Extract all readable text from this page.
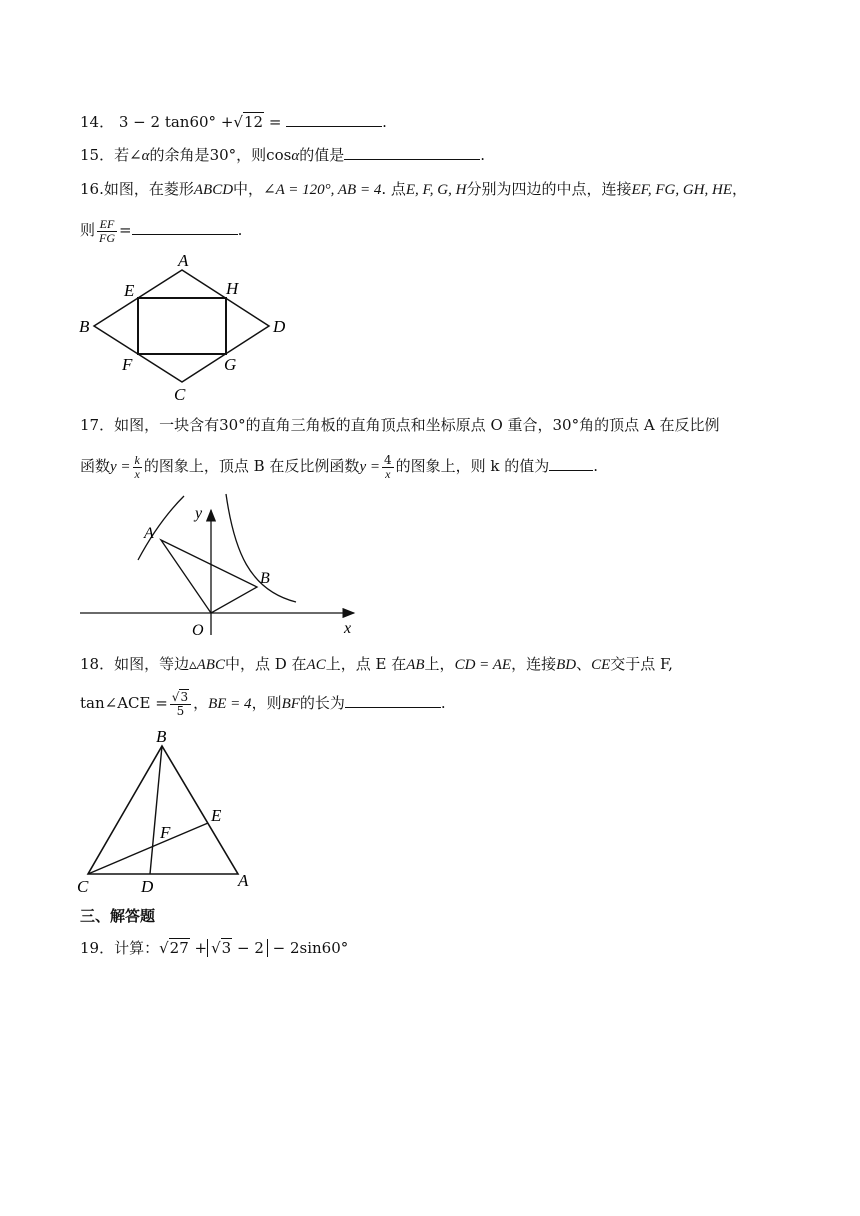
14． 3 − 2 tan60° +√12 =	.
15．若∠α的余角是30°，则cosα的值是	.
16.如图，在菱形ABCD中，∠A = 120°, AB = 4. 点E, F, G, H分别为四边的中点，连接EF, FG, GH, HE，
则 $\frac{EF}{FG}$ =	.
A
B
C
D
E
F	G
H
17．如图，一块含有30°的直角三角板的直角顶点和坐标原点 O 重合，30°角的顶点 A 在反比例
函数$y = \frac{k}{x}$ 的图象上，顶点 B 在反比例函数$y = \frac{4}{x}$ 的图象上，则 k 的值为	.
A
B
O	x
y
18．如图，等边▵ABC中，点 D 在AC上，点 E 在AB上，CD = AE，连接BD、CE交于点 F,
tan∠ACE = $\frac{√3}{5}$ ，BE = 4，则BF的长为	.
B
A
C	D
E
F
三、解答题
19．计算：√27 + √3 − 2 − 2sin60°
